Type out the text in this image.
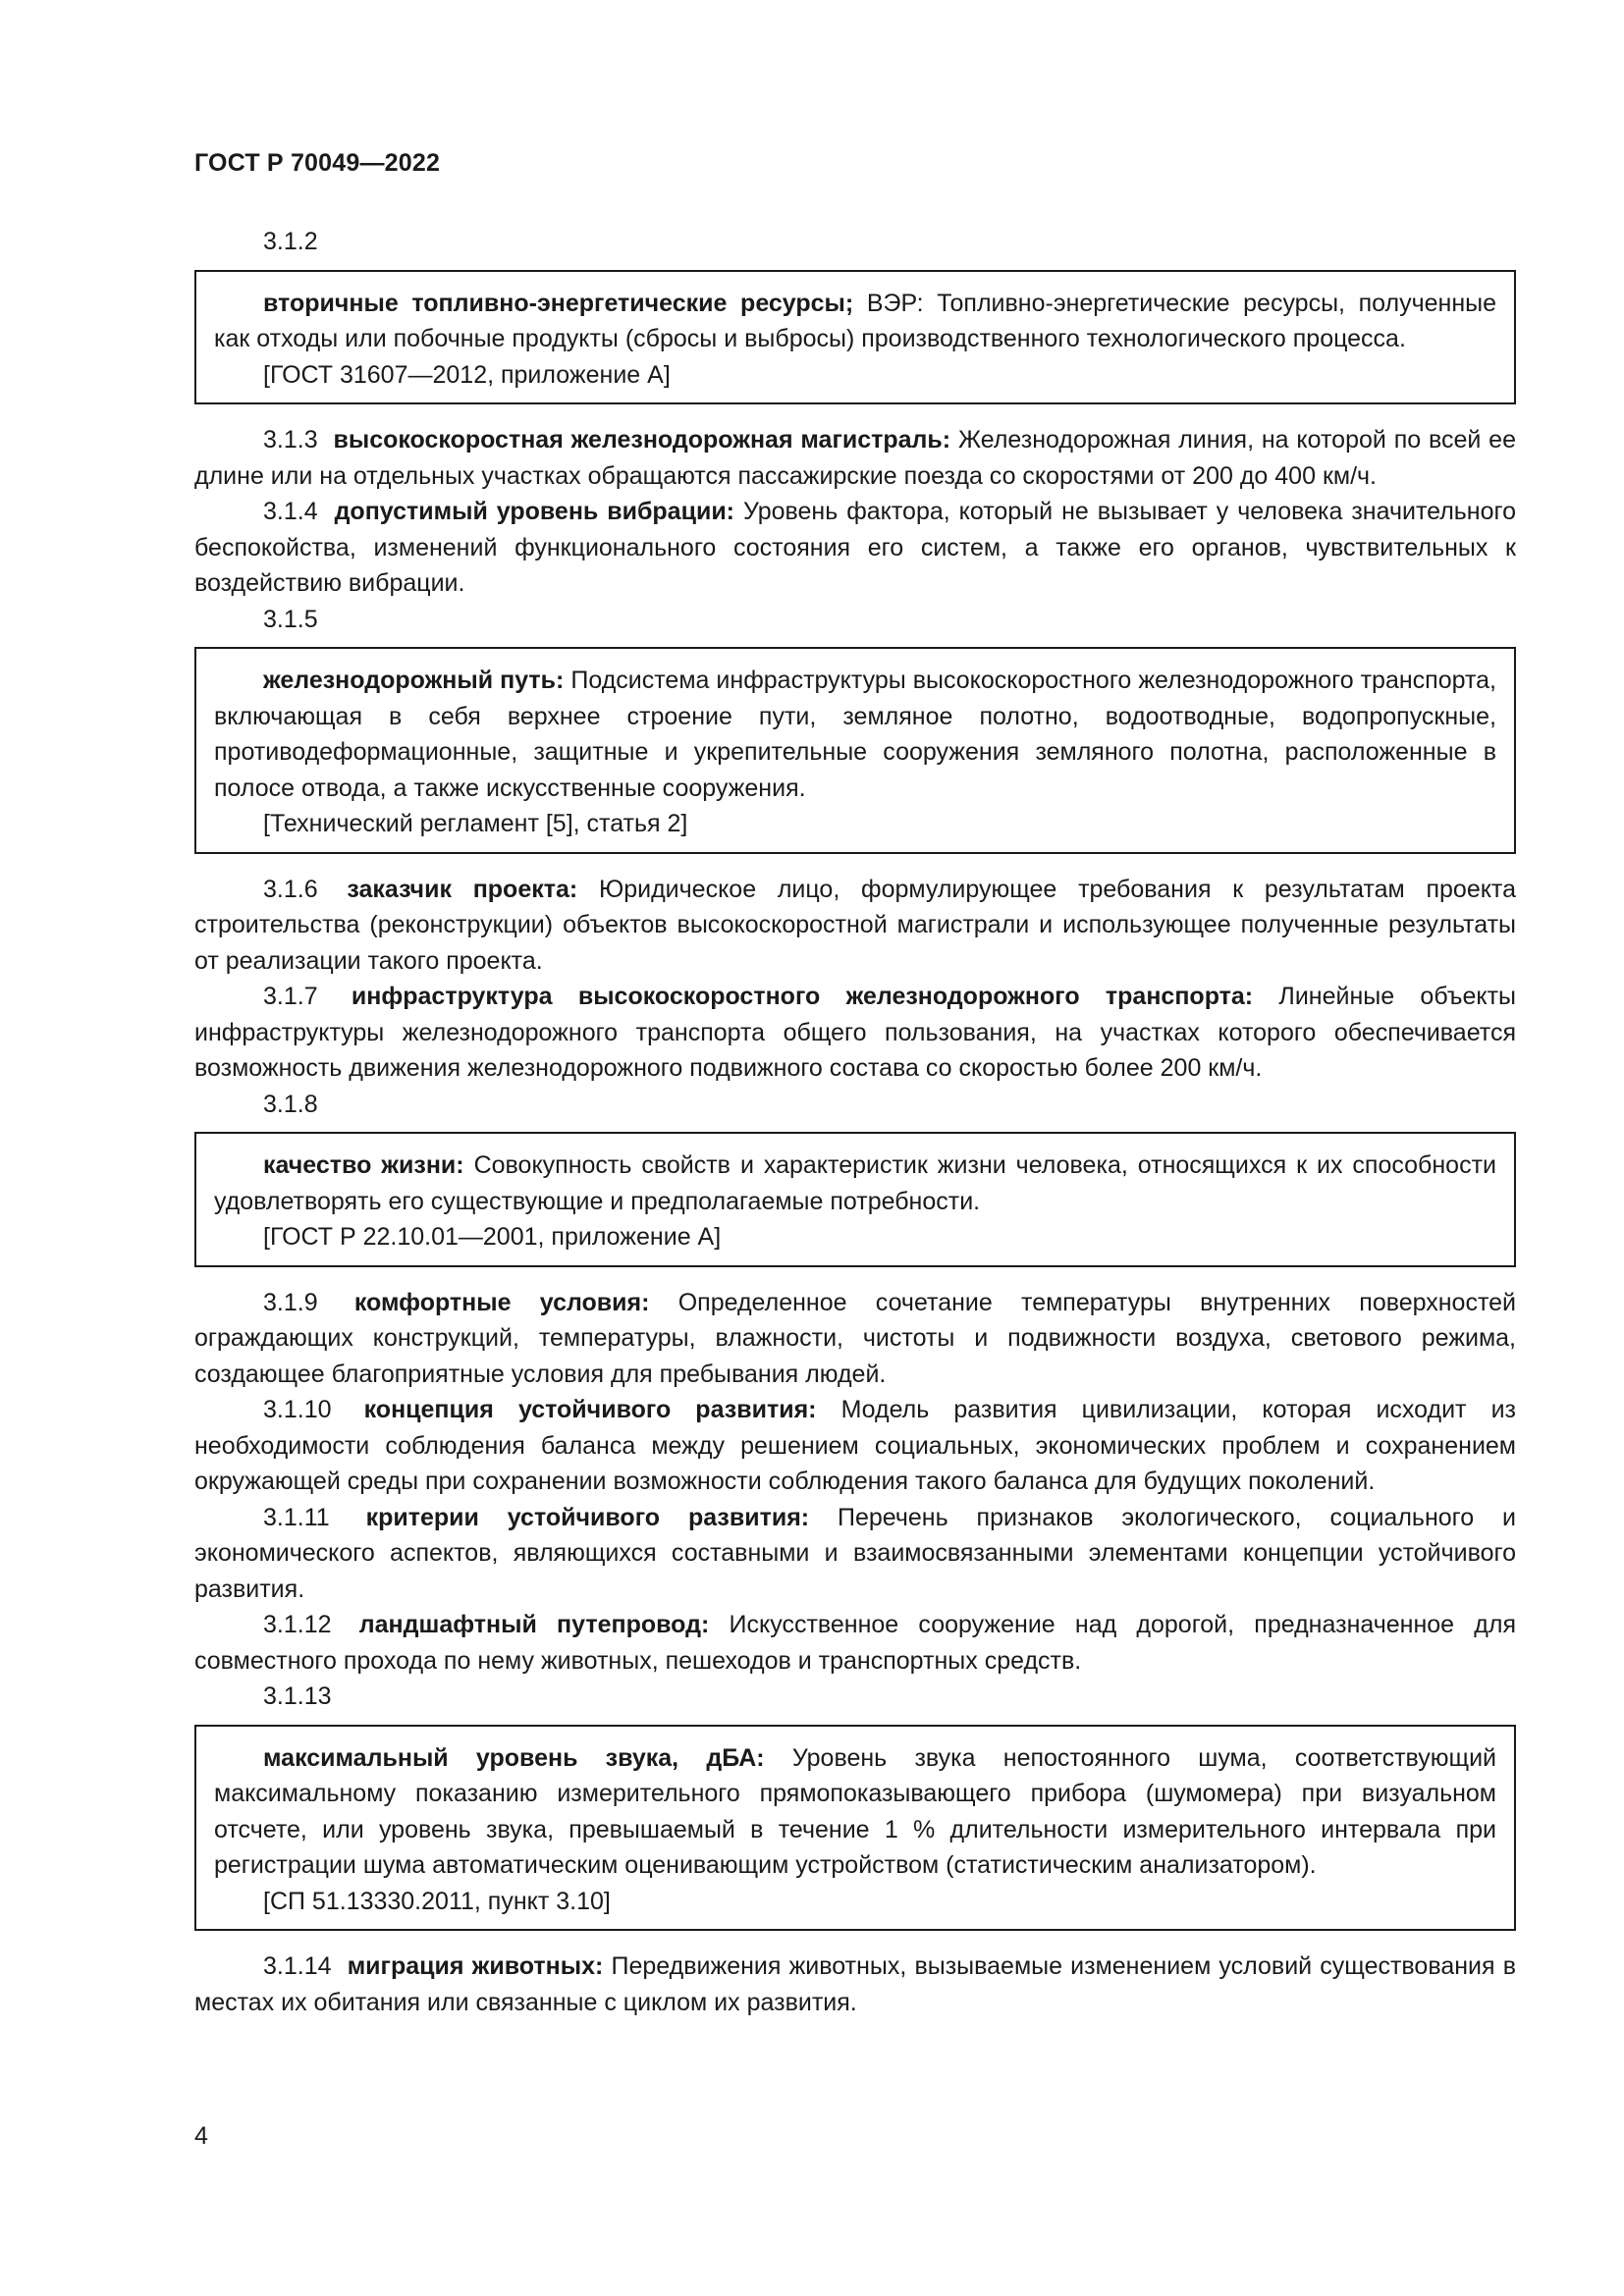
ГОСТ Р 70049—2022

3.1.2

вторичные топливно-энергетические ресурсы; ВЭР: Топливно-энергетические ресурсы, полученные как отходы или побочные продукты (сбросы и выбросы) производственного технологического процесса.

[ГОСТ 31607—2012, приложение А]

3.1.3 высокоскоростная железнодорожная магистраль: Железнодорожная линия, на которой по всей ее длине или на отдельных участках обращаются пассажирские поезда со скоростями от 200 до 400 км/ч.

3.1.4 допустимый уровень вибрации: Уровень фактора, который не вызывает у человека значительного беспокойства, изменений функционального состояния его систем, а также его органов, чувствительных к воздействию вибрации.

3.1.5

железнодорожный путь: Подсистема инфраструктуры высокоскоростного железнодорожного транспорта, включающая в себя верхнее строение пути, земляное полотно, водоотводные, водопропускные, противодеформационные, защитные и укрепительные сооружения земляного полотна, расположенные в полосе отвода, а также искусственные сооружения.

[Технический регламент [5], статья 2]

3.1.6 заказчик проекта: Юридическое лицо, формулирующее требования к результатам проекта строительства (реконструкции) объектов высокоскоростной магистрали и использующее полученные результаты от реализации такого проекта.

3.1.7 инфраструктура высокоскоростного железнодорожного транспорта: Линейные объекты инфраструктуры железнодорожного транспорта общего пользования, на участках которого обеспечивается возможность движения железнодорожного подвижного состава со скоростью более 200 км/ч.

3.1.8

качество жизни: Совокупность свойств и характеристик жизни человека, относящихся к их способности удовлетворять его существующие и предполагаемые потребности.

[ГОСТ Р 22.10.01—2001, приложение А]

3.1.9 комфортные условия: Определенное сочетание температуры внутренних поверхностей ограждающих конструкций, температуры, влажности, чистоты и подвижности воздуха, светового режима, создающее благоприятные условия для пребывания людей.

3.1.10 концепция устойчивого развития: Модель развития цивилизации, которая исходит из необходимости соблюдения баланса между решением социальных, экономических проблем и сохранением окружающей среды при сохранении возможности соблюдения такого баланса для будущих поколений.

3.1.11 критерии устойчивого развития: Перечень признаков экологического, социального и экономического аспектов, являющихся составными и взаимосвязанными элементами концепции устойчивого развития.

3.1.12 ландшафтный путепровод: Искусственное сооружение над дорогой, предназначенное для совместного прохода по нему животных, пешеходов и транспортных средств.

3.1.13

максимальный уровень звука, дБА: Уровень звука непостоянного шума, соответствующий максимальному показанию измерительного прямопоказывающего прибора (шумомера) при визуальном отсчете, или уровень звука, превышаемый в течение 1 % длительности измерительного интервала при регистрации шума автоматическим оценивающим устройством (статистическим анализатором).

[СП 51.13330.2011, пункт 3.10]

3.1.14 миграция животных: Передвижения животных, вызываемые изменением условий существования в местах их обитания или связанные с циклом их развития.

4
